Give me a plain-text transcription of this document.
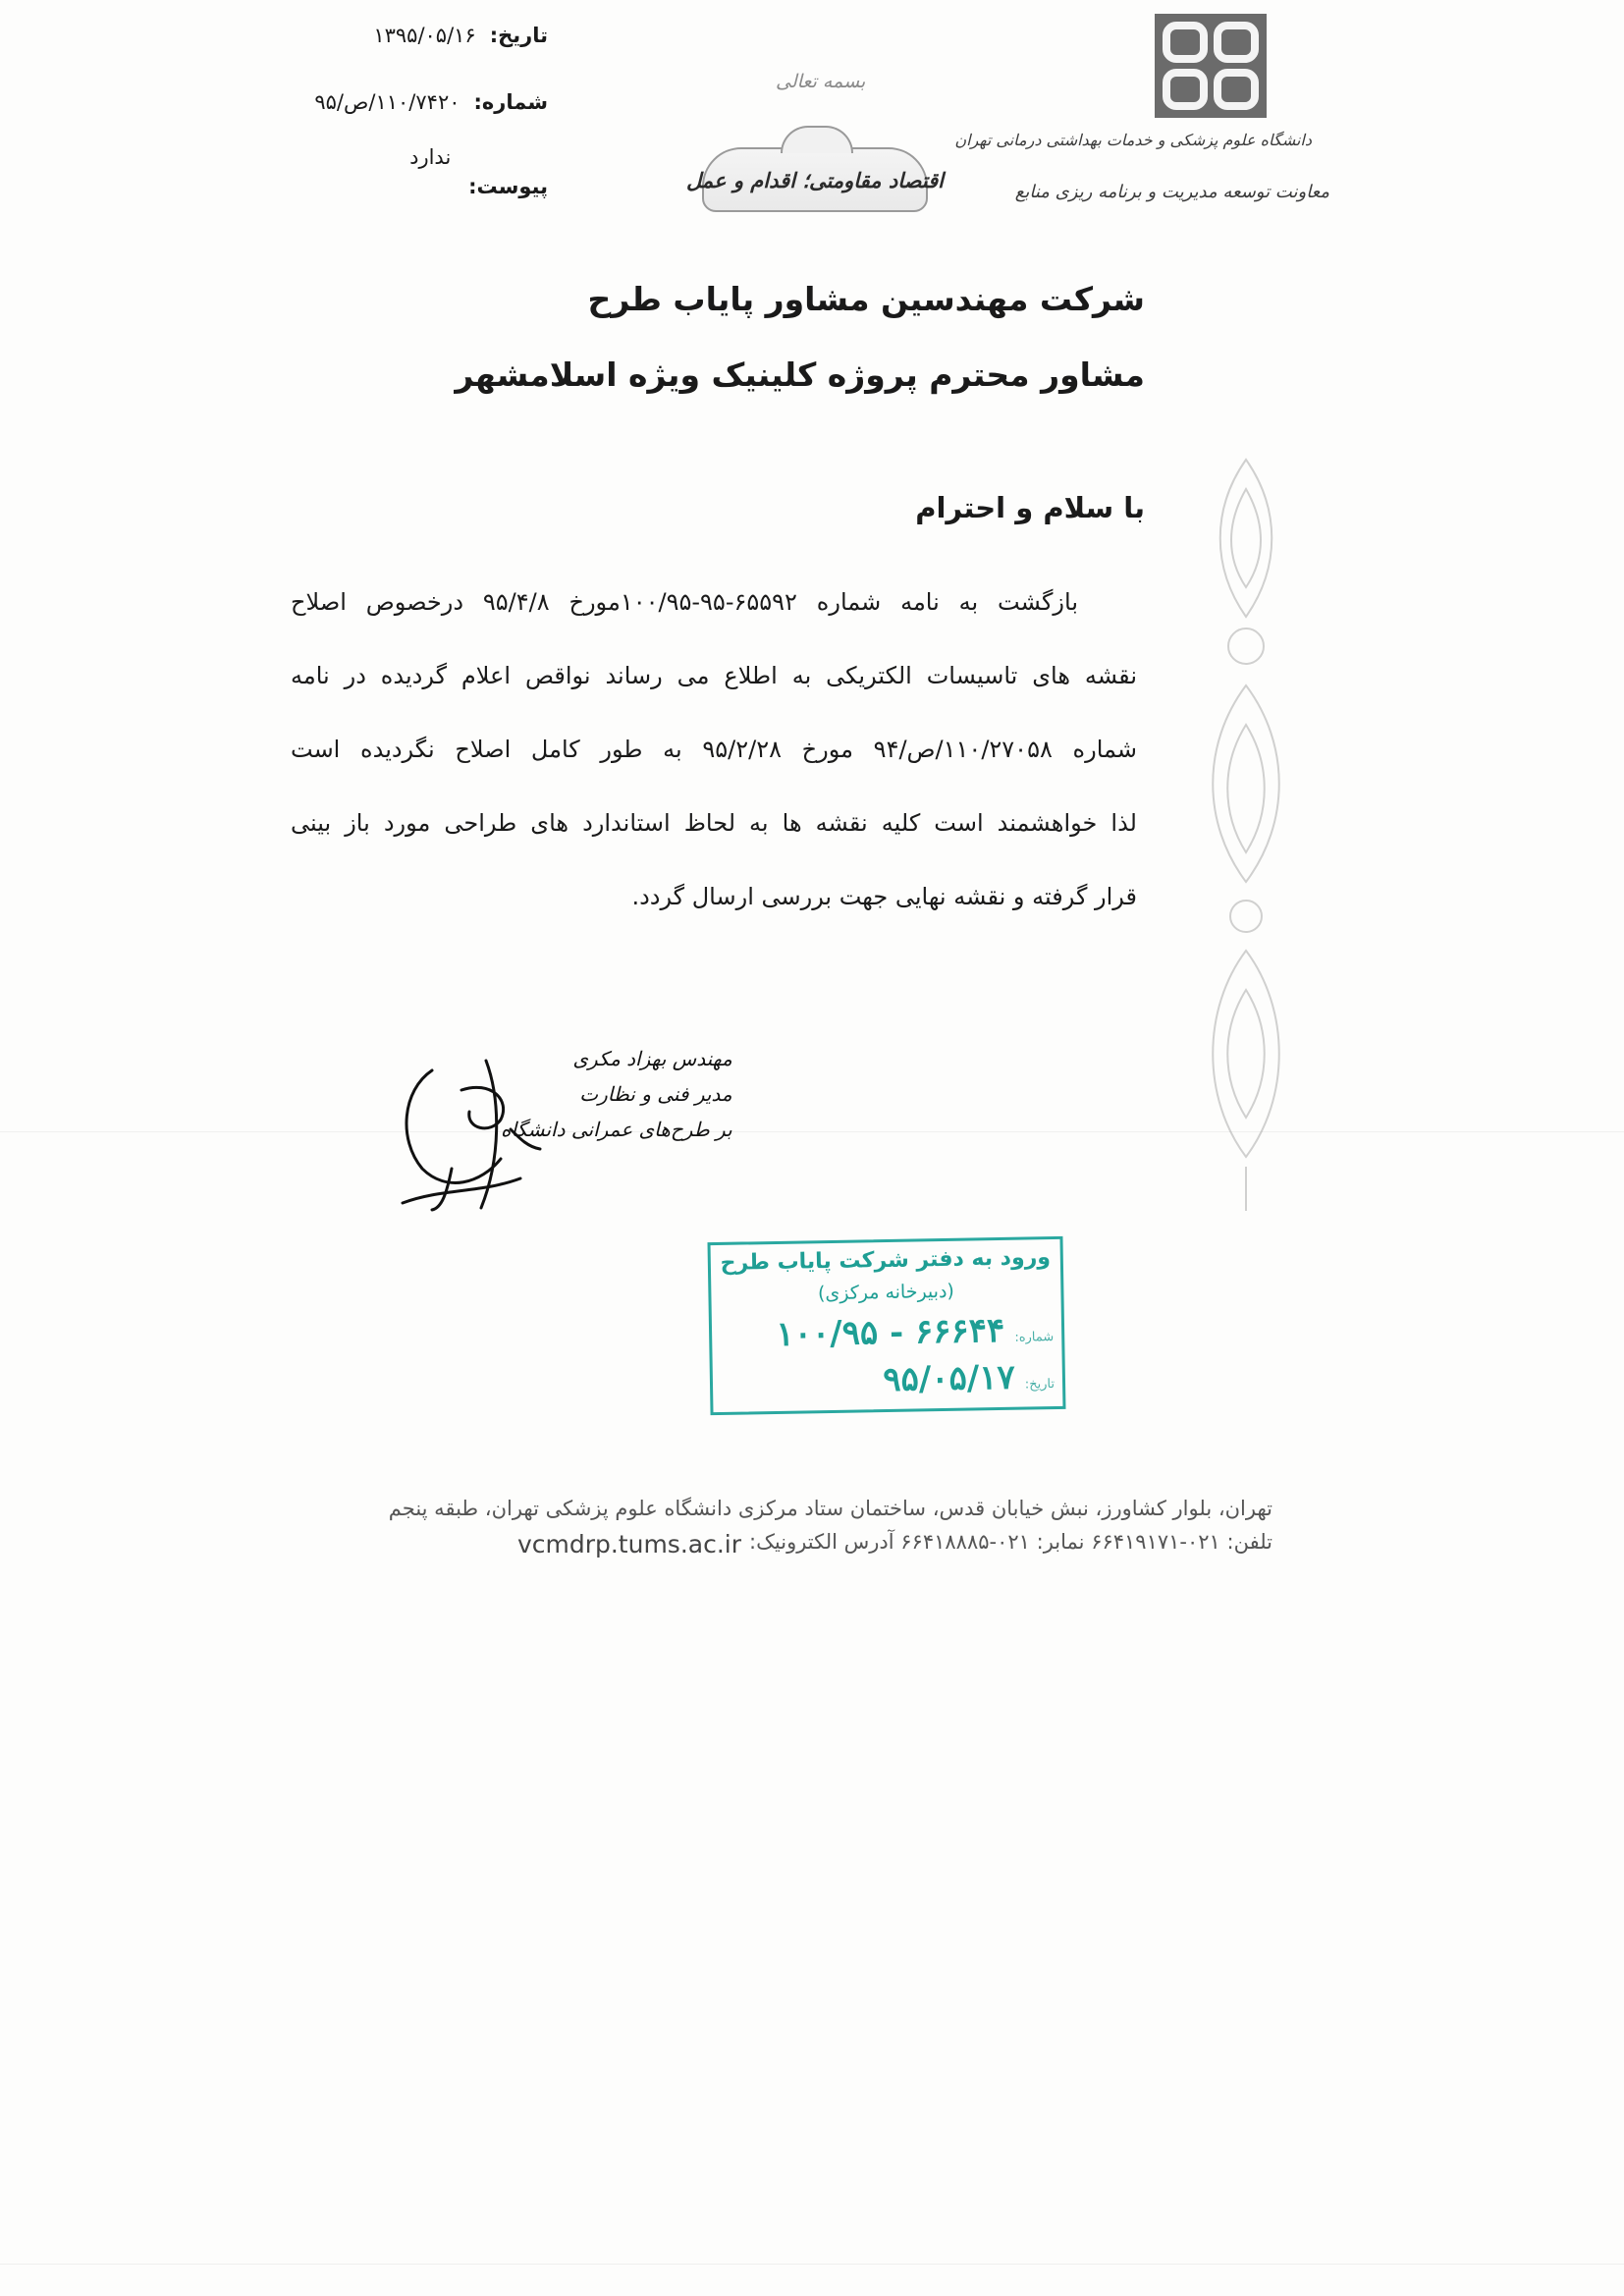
تاریخ:
۱۳۹۵/۰۵/۱۶
شماره:
۱۱۰/۷۴۲۰/ص/۹۵
ندارد
پیوست:
دانشگاه علوم پزشکی و خدمات بهداشتی درمانی تهران
معاونت توسعه مدیریت و برنامه ریزی منابع
بسمه تعالی
اقتصاد مقاومتی؛ اقدام و عمل
شرکت مهندسین مشاور پایاب طرح
مشاور محترم پروژه کلینیک ویژه اسلامشهر
با سلام و احترام
بازگشت به نامه شماره ۶۵۵۹۲-۹۵-۱۰۰/۹۵مورخ ۹۵/۴/۸ درخصوص اصلاح
نقشه های تاسیسات الکتریکی به اطلاع می رساند نواقص اعلام گردیده در نامه
شماره ۱۱۰/۲۷۰۵۸/ص/۹۴ مورخ ۹۵/۲/۲۸ به طور کامل اصلاح نگردیده است
لذا خواهشمند است کلیه نقشه ها به لحاظ استاندارد های طراحی مورد باز بینی
قرار گرفته و نقشه نهایی جهت بررسی ارسال گردد.
مهندس بهزاد مکری
مدیر فنی و نظارت
بر طرح‌های عمرانی دانشگاه
ورود به دفتر شرکت پایاب طرح
(دبیرخانه مرکزی)
شماره:
۱۰۰/۹۵ - ۶۶۶۴۴
تاریخ:
۹۵/۰۵/۱۷
تهران، بلوار کشاورز، نبش خیابان قدس، ساختمان ستاد مرکزی دانشگاه علوم پزشکی تهران، طبقه پنجم
تلفن: ۰۲۱-۶۶۴۱۹۱۷۱ نمابر: ۰۲۱-۶۶۴۱۸۸۸۵ آدرس الکترونیک:
vcmdrp.tums.ac.ir
